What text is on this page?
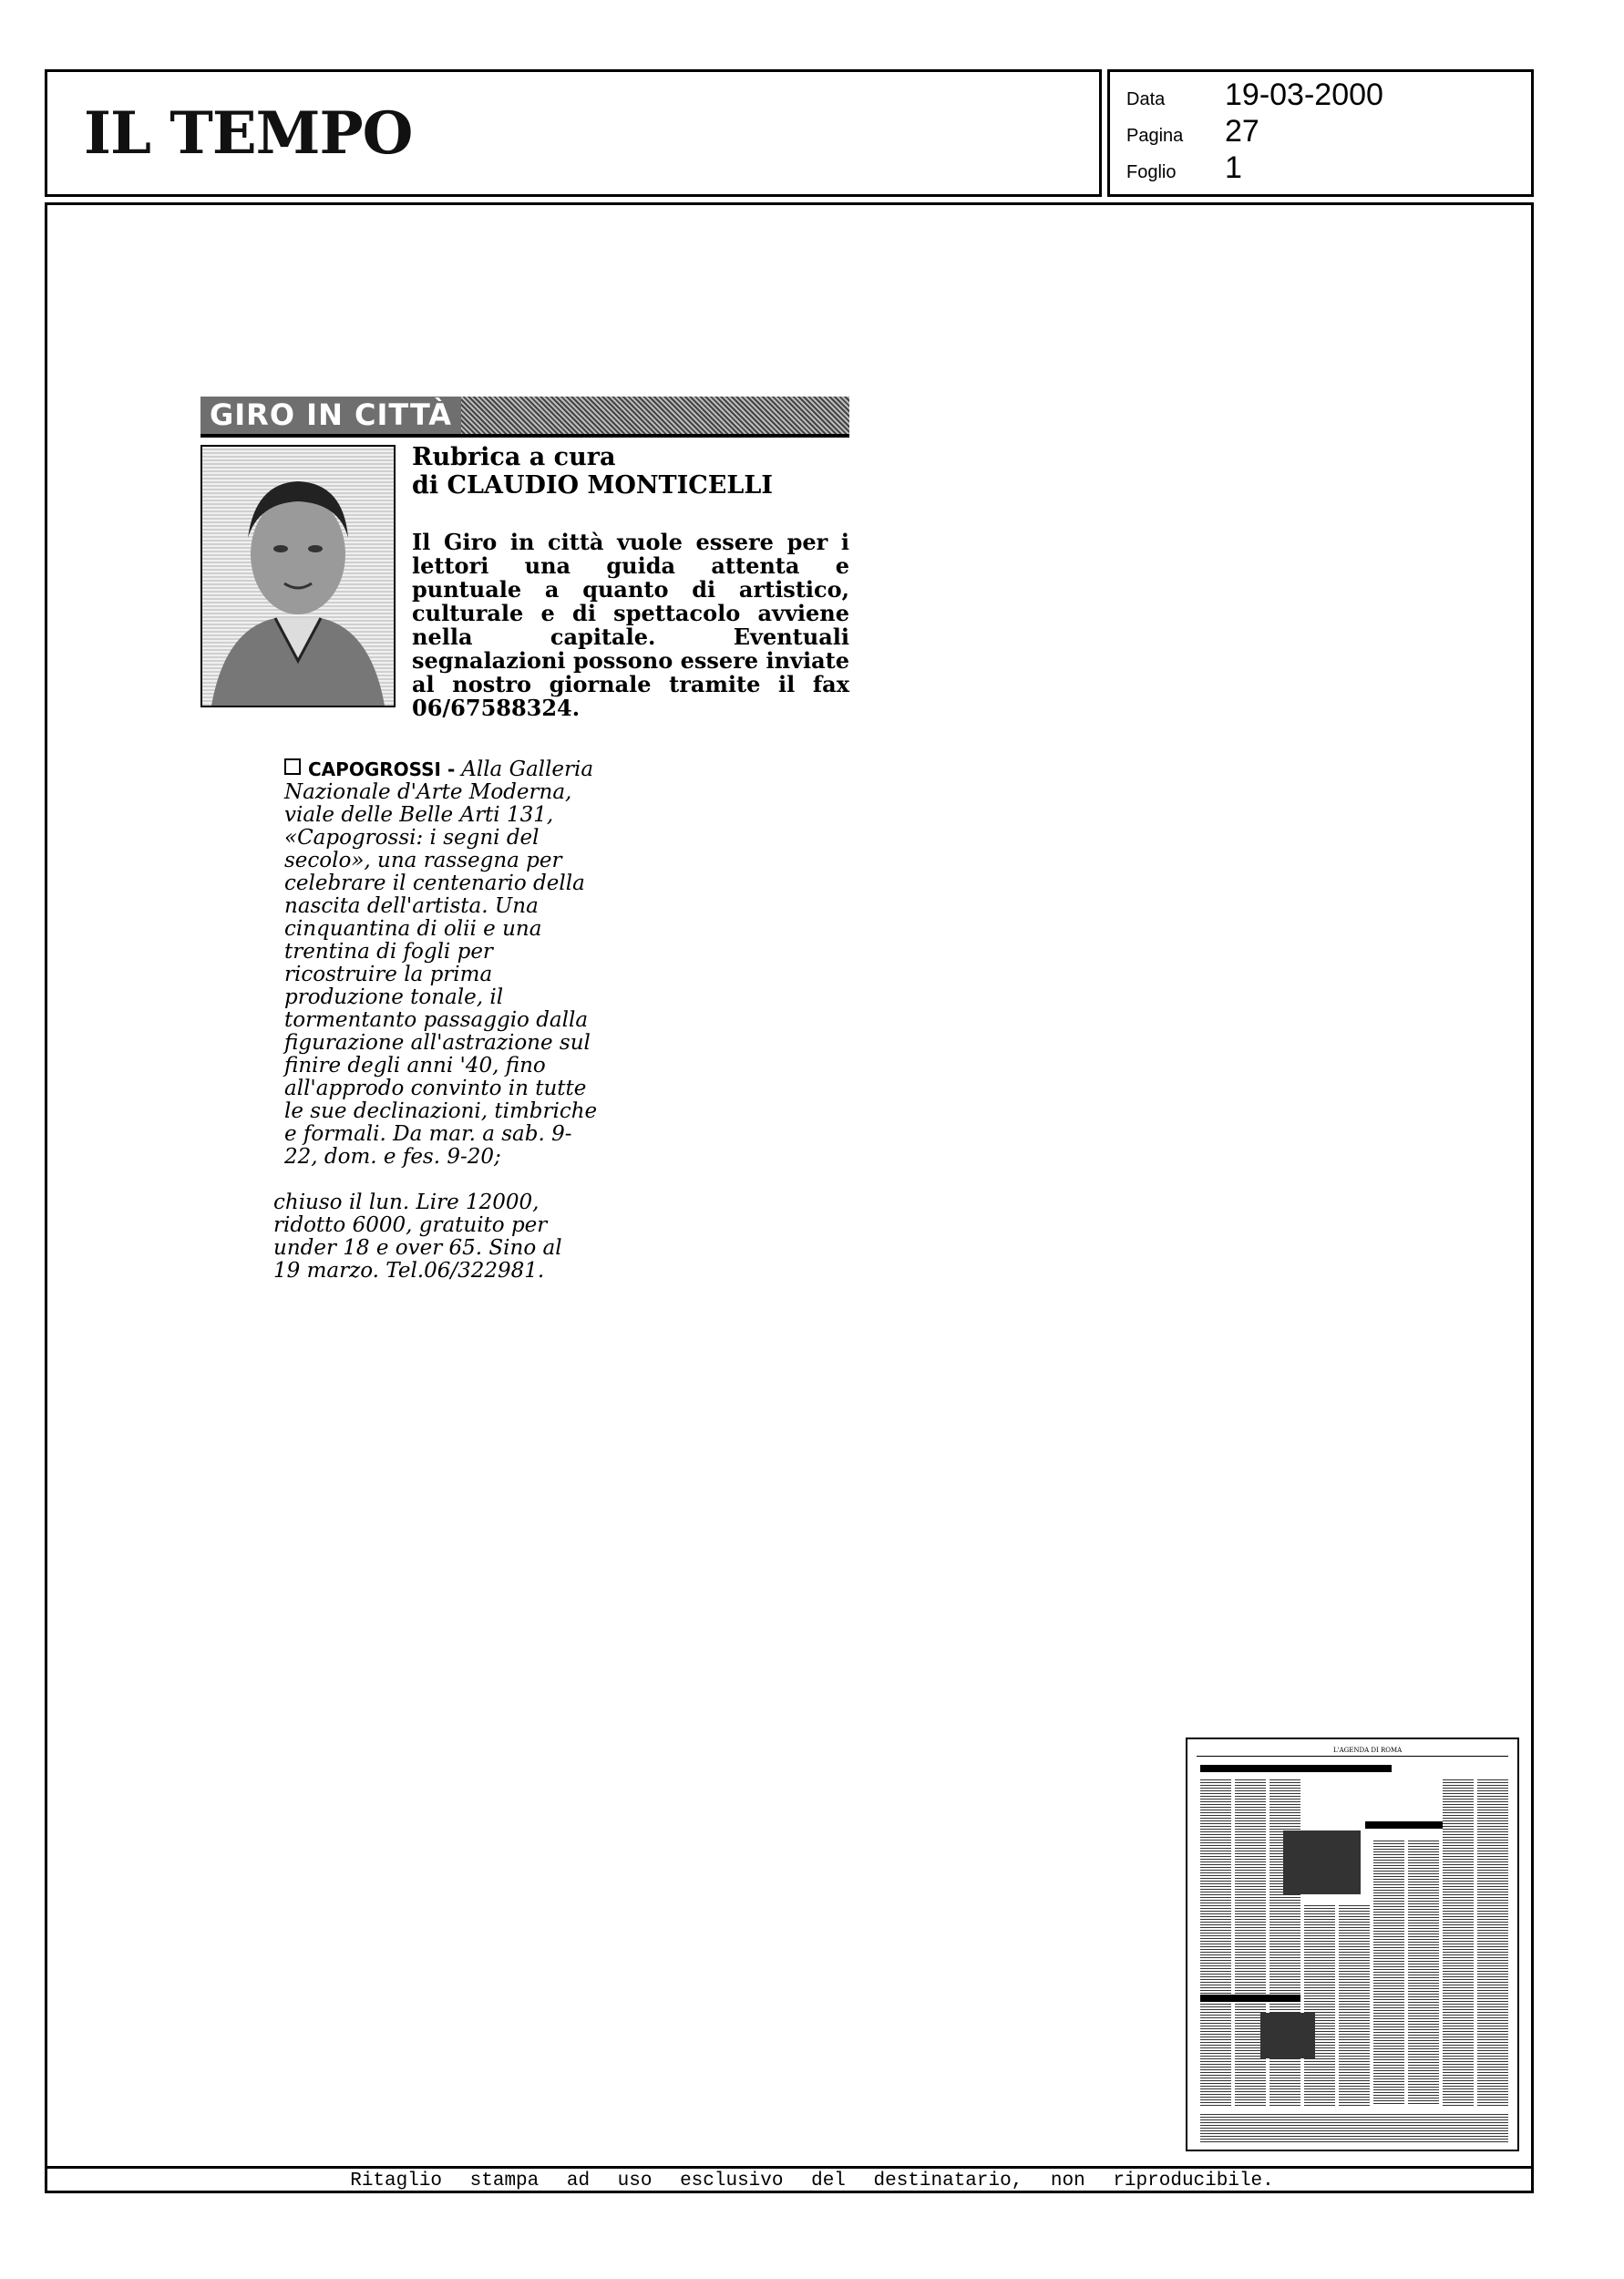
IL TEMPO	Data	19-03-2000
Pagina	27
Foglio	1
GIRO IN CITTÀ
Rubrica a cura
di CLAUDIO MONTICELLI
Il Giro in città vuole essere per i lettori una guida attenta e puntuale a quanto di artistico, culturale e di spettacolo avviene nella capitale. Eventuali segnalazioni possono essere inviate al nostro giornale tramite il fax 06/67588324.
CAPOGROSSI - Alla Galleria Nazionale d'Arte Moderna, viale delle Belle Arti 131, «Capogrossi: i segni del secolo», una rassegna per celebrare il centenario della nascita dell'artista. Una cinquantina di olii e una trentina di fogli per ricostruire la prima produzione tonale, il tormentanto passaggio dalla figurazione all'astrazione sul finire degli anni '40, fino all'approdo convinto in tutte le sue declinazioni, timbriche e formali. Da mar. a sab. 9-22, dom. e fes. 9-20;
chiuso il lun. Lire 12000, ridotto 6000, gratuito per under 18 e over 65. Sino al 19 marzo. Tel.06/322981.
L'AGENDA DI ROMA
Ritaglio stampa ad uso esclusivo del destinatario, non riproducibile.
